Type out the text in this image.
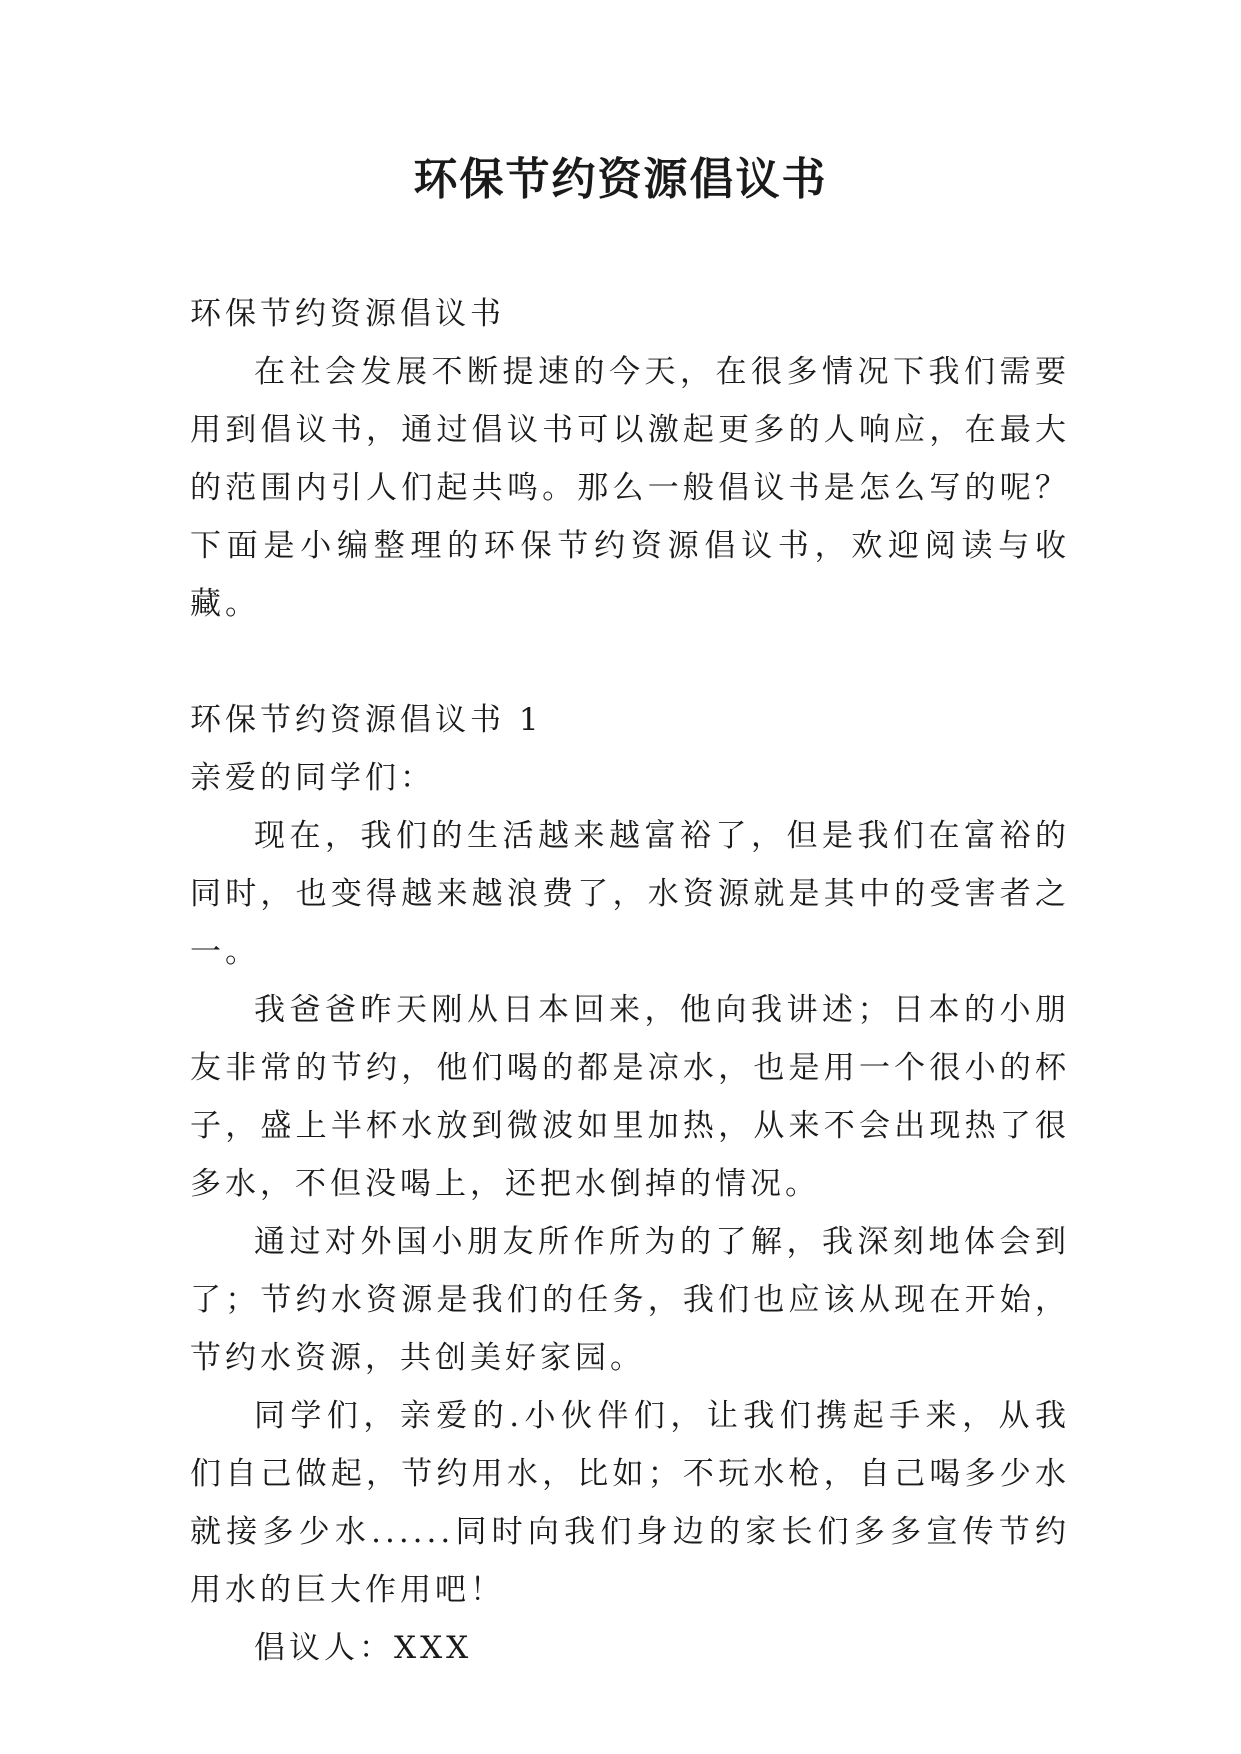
环保节约资源倡议书

环保节约资源倡议书

在社会发展不断提速的今天，在很多情况下我们需要用到倡议书，通过倡议书可以激起更多的人响应，在最大的范围内引人们起共鸣。那么一般倡议书是怎么写的呢？下面是小编整理的环保节约资源倡议书，欢迎阅读与收藏。

环保节约资源倡议书 1

亲爱的同学们：

现在，我们的生活越来越富裕了，但是我们在富裕的同时，也变得越来越浪费了，水资源就是其中的受害者之一。

我爸爸昨天刚从日本回来，他向我讲述；日本的小朋友非常的节约，他们喝的都是凉水，也是用一个很小的杯子，盛上半杯水放到微波如里加热，从来不会出现热了很多水，不但没喝上，还把水倒掉的情况。

通过对外国小朋友所作所为的了解，我深刻地体会到了；节约水资源是我们的任务，我们也应该从现在开始，节约水资源，共创美好家园。

同学们，亲爱的.小伙伴们，让我们携起手来，从我们自己做起，节约用水，比如；不玩水枪，自己喝多少水就接多少水......同时向我们身边的家长们多多宣传节约用水的巨大作用吧！

倡议人：XXX
